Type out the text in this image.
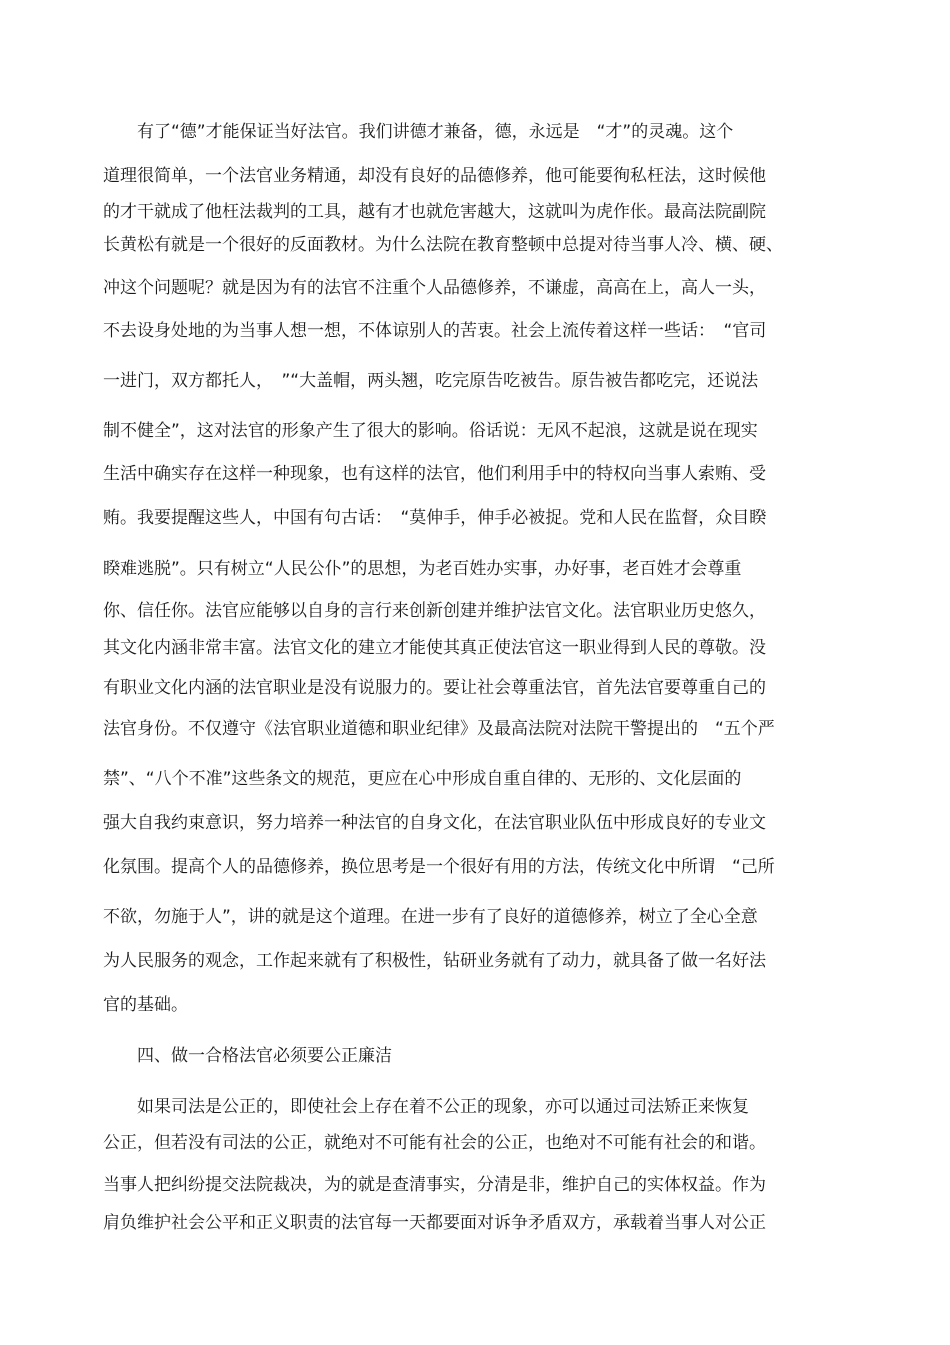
　　有了“德”才能保证当好法官。我们讲德才兼备，德，永远是　“才”的灵魂。这个
道理很简单，一个法官业务精通，却没有良好的品德修养，他可能要徇私枉法，这时候他
的才干就成了他枉法裁判的工具，越有才也就危害越大，这就叫为虎作伥。最高法院副院
长黄松有就是一个很好的反面教材。为什么法院在教育整顿中总提对待当事人冷、横、硬、
冲这个问题呢？就是因为有的法官不注重个人品德修养，不谦虚，高高在上，高人一头，
不去设身处地的为当事人想一想，不体谅别人的苦衷。社会上流传着这样一些话：　“官司
一进门，双方都托人，　”“大盖帽，两头翘，吃完原告吃被告。原告被告都吃完，还说法
制不健全”，这对法官的形象产生了很大的影响。俗话说：无风不起浪，这就是说在现实
生活中确实存在这样一种现象，也有这样的法官，他们利用手中的特权向当事人索贿、受
贿。我要提醒这些人，中国有句古话：　“莫伸手，伸手必被捉。党和人民在监督，众目睽
睽难逃脱”。只有树立“人民公仆”的思想，为老百姓办实事，办好事，老百姓才会尊重
你、信任你。法官应能够以自身的言行来创新创建并维护法官文化。法官职业历史悠久，
其文化内涵非常丰富。法官文化的建立才能使其真正使法官这一职业得到人民的尊敬。没
有职业文化内涵的法官职业是没有说服力的。要让社会尊重法官，首先法官要尊重自己的
法官身份。不仅遵守《法官职业道德和职业纪律》及最高法院对法院干警提出的　“五个严
禁”、“八个不准”这些条文的规范，更应在心中形成自重自律的、无形的、文化层面的
强大自我约束意识，努力培养一种法官的自身文化，在法官职业队伍中形成良好的专业文
化氛围。提高个人的品德修养，换位思考是一个很好有用的方法，传统文化中所谓　“己所
不欲，勿施于人”，讲的就是这个道理。在进一步有了良好的道德修养，树立了全心全意
为人民服务的观念，工作起来就有了积极性，钻研业务就有了动力，就具备了做一名好法
官的基础。
　　四、做一合格法官必须要公正廉洁
　　如果司法是公正的，即使社会上存在着不公正的现象，亦可以通过司法矫正来恢复
公正，但若没有司法的公正，就绝对不可能有社会的公正，也绝对不可能有社会的和谐。
当事人把纠纷提交法院裁决，为的就是查清事实，分清是非，维护自己的实体权益。作为
肩负维护社会公平和正义职责的法官每一天都要面对诉争矛盾双方，承载着当事人对公正
